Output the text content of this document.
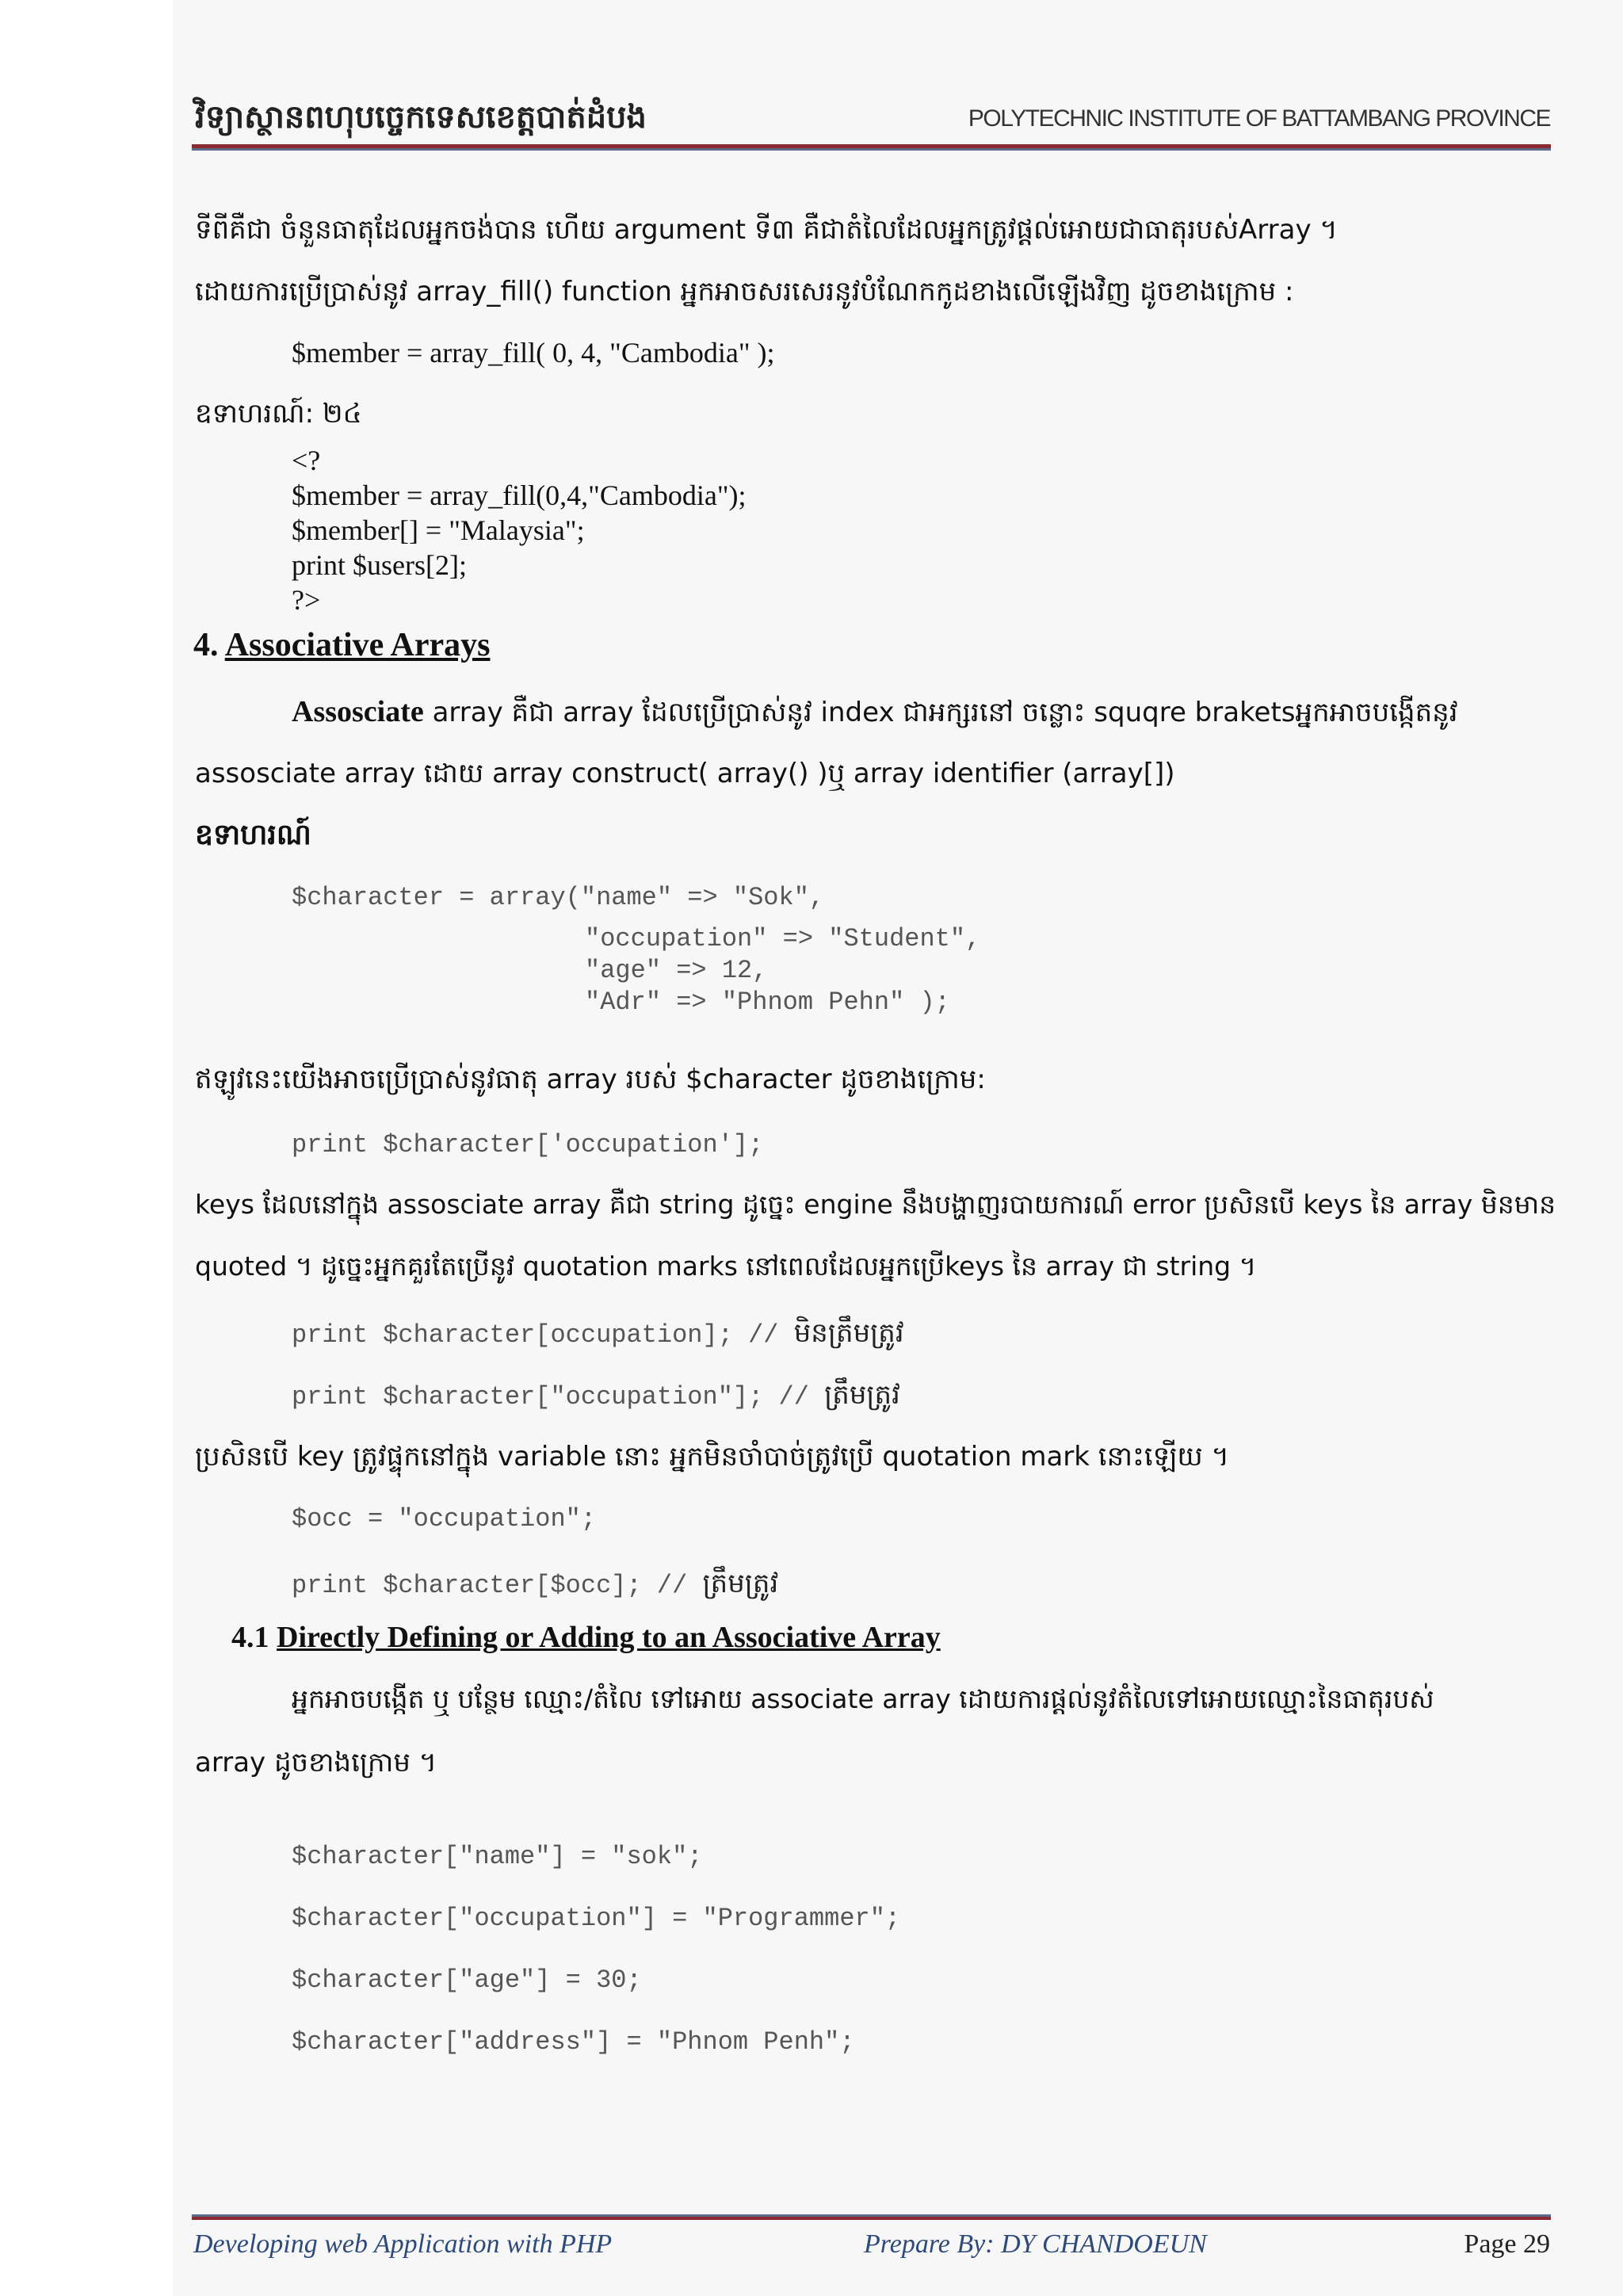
វិទ្យាស្ថានពហុបច្ចេកទេសខេត្តបាត់ដំបង	POLYTECHNIC INSTITUTE OF BATTAMBANG PROVINCE
ទីពីគឺជា ចំនួនធាតុដែលអ្នកចង់បាន ហើយ argument ទី៣ គឺជាតំលៃដែលអ្នកត្រូវផ្តល់អោយជាធាតុរបស់Array ។
ដោយការប្រើប្រាស់នូវ array_fill() function អ្នកអាចសរសេរនូវបំណែកកូដខាងលើឡើងវិញ ដូចខាងក្រោម :
$member = array_fill( 0, 4, "Cambodia" );
ឧទាហរណ៍: ២៤
<?
$member = array_fill(0,4,"Cambodia");
$member[] = "Malaysia";
print $users[2];
?>
4. Associative Arrays
Assosciate array គឺជា array ដែលប្រើប្រាស់នូវ index ជាអក្សរនៅ ចន្លោះ squqre brakets​អ្នកអាចបង្កើតនូវ
assosciate array ដោយ array construct( array() )ឬ array identifier (array[])
ឧទាហរណ៍
$character = array("name" => "Sok",
"occupation" => "Student",
"age" => 12,
"Adr" => "Phnom Pehn" );
ឥឡូវនេះយើងអាចប្រើប្រាស់នូវធាតុ array របស់ $character ដូចខាងក្រោម:
print $character['occupation'];
keys ដែលនៅក្នុង assosciate array គឺជា string ដូច្នេះ engine នឹងបង្ហាញរបាយការណ៍ error ប្រសិនបើ keys នៃ array មិនមាន
quoted ។ ដូច្នេះអ្នកគួរតែប្រើនូវ quotation marks នៅពេលដែលអ្នកប្រើkeys នៃ array ជា string ។
print $character[occupation]; // មិនត្រឹមត្រូវ
print $character["occupation"]; // ត្រឹមត្រូវ
ប្រសិនបើ key ត្រូវផ្ទុកនៅក្នុង variable នោះ អ្នកមិនចាំបាច់ត្រូវប្រើ quotation mark នោះឡើយ ។
$occ = "occupation";
print $character[$occ]; // ត្រឹមត្រូវ
4.1 Directly Defining or Adding to an Associative Array
អ្នកអាចបង្កើត ឬ បន្ថែម ឈ្មោះ/តំលៃ ទៅអោយ associate array ដោយការផ្តល់នូវតំលៃទៅអោយឈ្មោះនៃធាតុរបស់
array ដូចខាងក្រោម ។
$character["name"] = "sok";
$character["occupation"] = "Programmer";
$character["age"] = 30;
$character["address"] = "Phnom Penh";
Developing web Application with PHP	Prepare By: DY CHANDOEUN	Page 29
